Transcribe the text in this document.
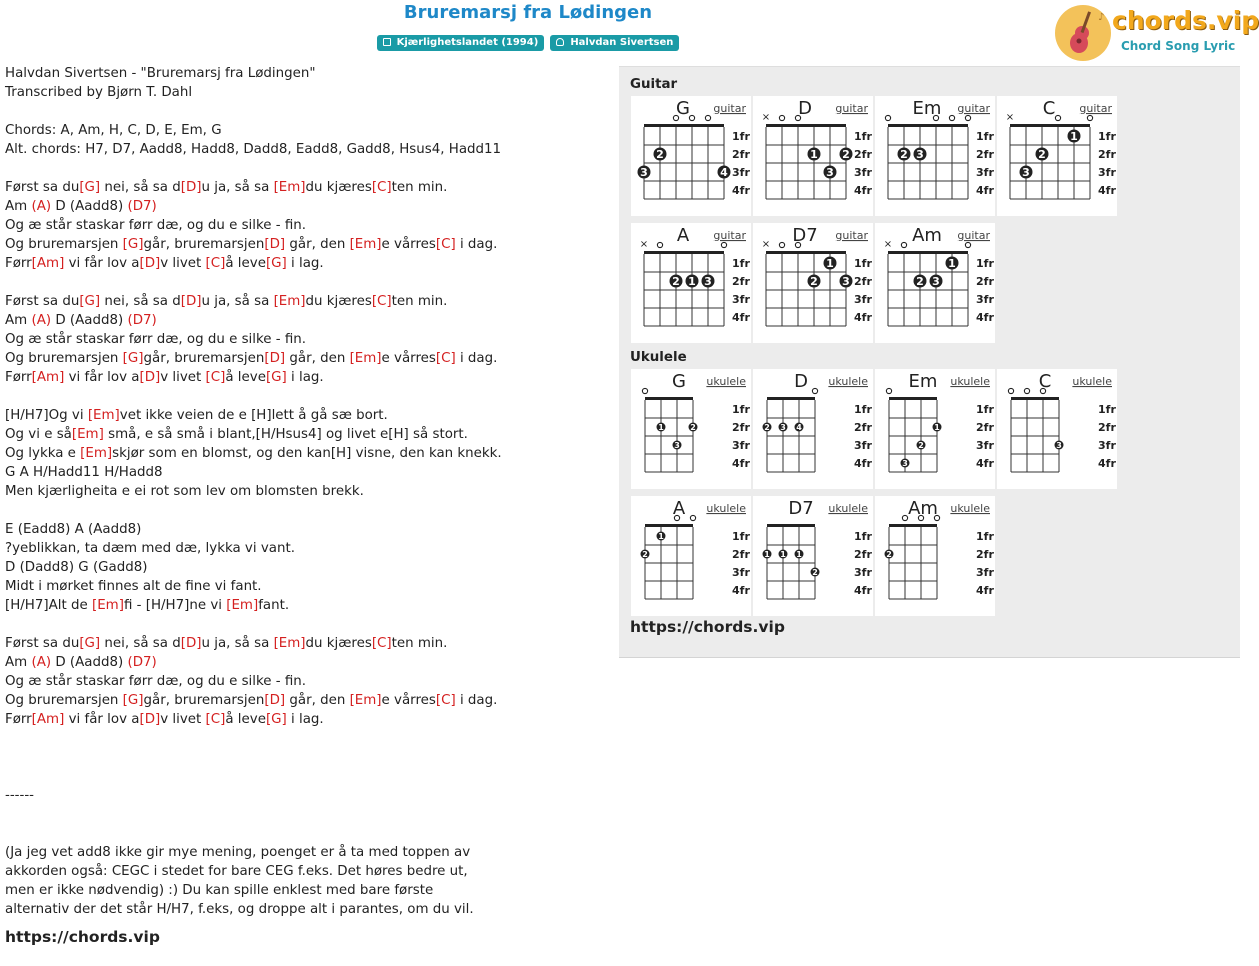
Bruremarsj fra Lødingen
Kjærlighetslandet (1994)	Halvdan Sivertsen
♪ chords.vip
Chord Song Lyric
Halvdan Sivertsen - "Bruremarsj fra Lødingen"
Transcribed by Bjørn T. Dahl
Chords: A, Am, H, C, D, E, Em, G
Alt. chords: H7, D7, Aadd8, Hadd8, Dadd8, Eadd8, Gadd8, Hsus4, Hadd11
Først sa du[G] nei, så sa d[D]u ja, så sa [Em]du kjæres[C]ten min.
Am (A) D (Aadd8) (D7)
Og æ står staskar førr dæ, og du e silke - fin.
Og bruremarsjen [G]går, bruremarsjen[D] går, den [Em]e vårres[C] i dag.
Førr[Am] vi får lov a[D]v livet [C]å leve[G] i lag.
Først sa du[G] nei, så sa d[D]u ja, så sa [Em]du kjæres[C]ten min.
Am (A) D (Aadd8) (D7)
Og æ står staskar førr dæ, og du e silke - fin.
Og bruremarsjen [G]går, bruremarsjen[D] går, den [Em]e vårres[C] i dag.
Førr[Am] vi får lov a[D]v livet [C]å leve[G] i lag.
[H/H7]Og vi [Em]vet ikke veien de e [H]lett å gå sæ bort.
Og vi e så[Em] små, e så små i blant,[H/Hsus4] og livet e[H] så stort.
Og lykka e [Em]skjør som en blomst, og den kan[H] visne, den kan knekk.
G A H/Hadd11 H/Hadd8
Men kjærligheita e ei rot som lev om blomsten brekk.
E (Eadd8) A (Aadd8)
?yeblikkan, ta dæm med dæ, lykka vi vant.
D (Dadd8) G (Gadd8)
Midt i mørket finnes alt de fine vi fant.
[H/H7]Alt de [Em]fi - [H/H7]ne vi [Em]fant.
Først sa du[G] nei, så sa d[D]u ja, så sa [Em]du kjæres[C]ten min.
Am (A) D (Aadd8) (D7)
Og æ står staskar førr dæ, og du e silke - fin.
Og bruremarsjen [G]går, bruremarsjen[D] går, den [Em]e vårres[C] i dag.
Førr[Am] vi får lov a[D]v livet [C]å leve[G] i lag.
------
(Ja jeg vet add8 ikke gir mye mening, poenget er å ta med toppen av
akkorden også: CEGC i stedet for bare CEG f.eks. Det høres bedre ut,
men er ikke nødvendig) :) Du kan spille enklest med bare første
alternativ der det står H/H7, f.eks, og droppe alt i parantes, om du vil.
https://chords.vip
Guitar
G guitar
1fr
2fr
3fr
4fr
3
2
4
D guitar
1fr
2fr
3fr
4fr
×
1
3
2
Em guitar
1fr
2fr
3fr
4fr
2 3
C guitar
1fr
2fr
3fr
4fr
×
3
2
1
A guitar
1fr
2fr
3fr
4fr
×
2 1 3
D7 guitar
1fr
2fr
3fr
4fr
×
2
1
3
Am guitar
1fr
2fr
3fr
4fr
×
2 3
1
Ukulele
G ukulele
1fr
2fr
3fr
4fr
1
3
2
D ukulele
1fr
2fr
3fr
4fr
2 3 4
Em ukulele
1fr
2fr
3fr
4fr
3
2
1
C ukulele
1fr
2fr
3fr
4fr
3
A ukulele
1fr
2fr
3fr
4fr
2
1
D7 ukulele
1fr
2fr
3fr
4fr
1 1 1
2
Am ukulele
1fr
2fr
3fr
4fr
2
https://chords.vip
